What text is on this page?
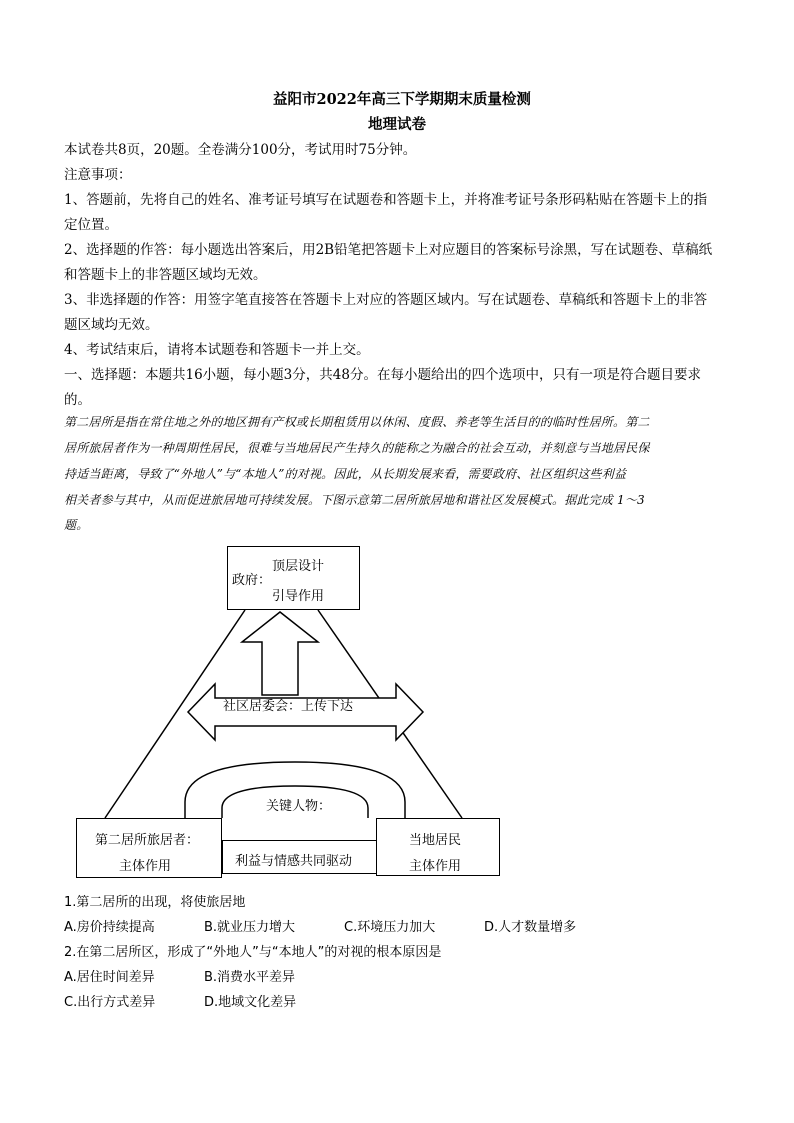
益阳市2022年高三下学期期末质量检测
地理试卷
本试卷共8页，20题。全卷满分100分，考试用时75分钟。
注意事项：
1、答题前，先将自己的姓名、准考证号填写在试题卷和答题卡上，并将准考证号条形码粘贴在答题卡上的指
定位置。
2、选择题的作答：每小题选出答案后，用2B铅笔把答题卡上对应题目的答案标号涂黑，写在试题卷、草稿纸
和答题卡上的非答题区域均无效。
3、非选择题的作答：用签字笔直接答在答题卡上对应的答题区域内。写在试题卷、草稿纸和答题卡上的非答
题区域均无效。
4、考试结束后，请将本试题卷和答题卡一并上交。
一、选择题：本题共16小题，每小题3分，共48分。在每小题给出的四个选项中，只有一项是符合题目要求
的。
第二居所是指在常住地之外的地区拥有产权或长期租赁用以休闲、度假、养老等生活目的的临时性居所。第二
居所旅居者作为一种周期性居民，很难与当地居民产生持久的能称之为融合的社会互动，并刻意与当地居民保
持适当距离，导致了“外地人”与“本地人”的对视。因此，从长期发展来看，需要政府、社区组织这些利益
相关者参与其中，从而促进旅居地可持续发展。下图示意第二居所旅居地和谐社区发展模式。据此完成 1～3
题。
政府：
顶层设计
引导作用
社区居委会：上传下达
关键人物：
利益与情感共同驱动
第二居所旅居者：
主体作用
当地居民
主体作用
1.第二居所的出现，将使旅居地
A.房价持续提高	B.就业压力增大	C.环境压力加大	D.人才数量增多
2.在第二居所区，形成了“外地人”与“本地人”的对视的根本原因是
A.居住时间差异	B.消费水平差异
C.出行方式差异	D.地域文化差异
